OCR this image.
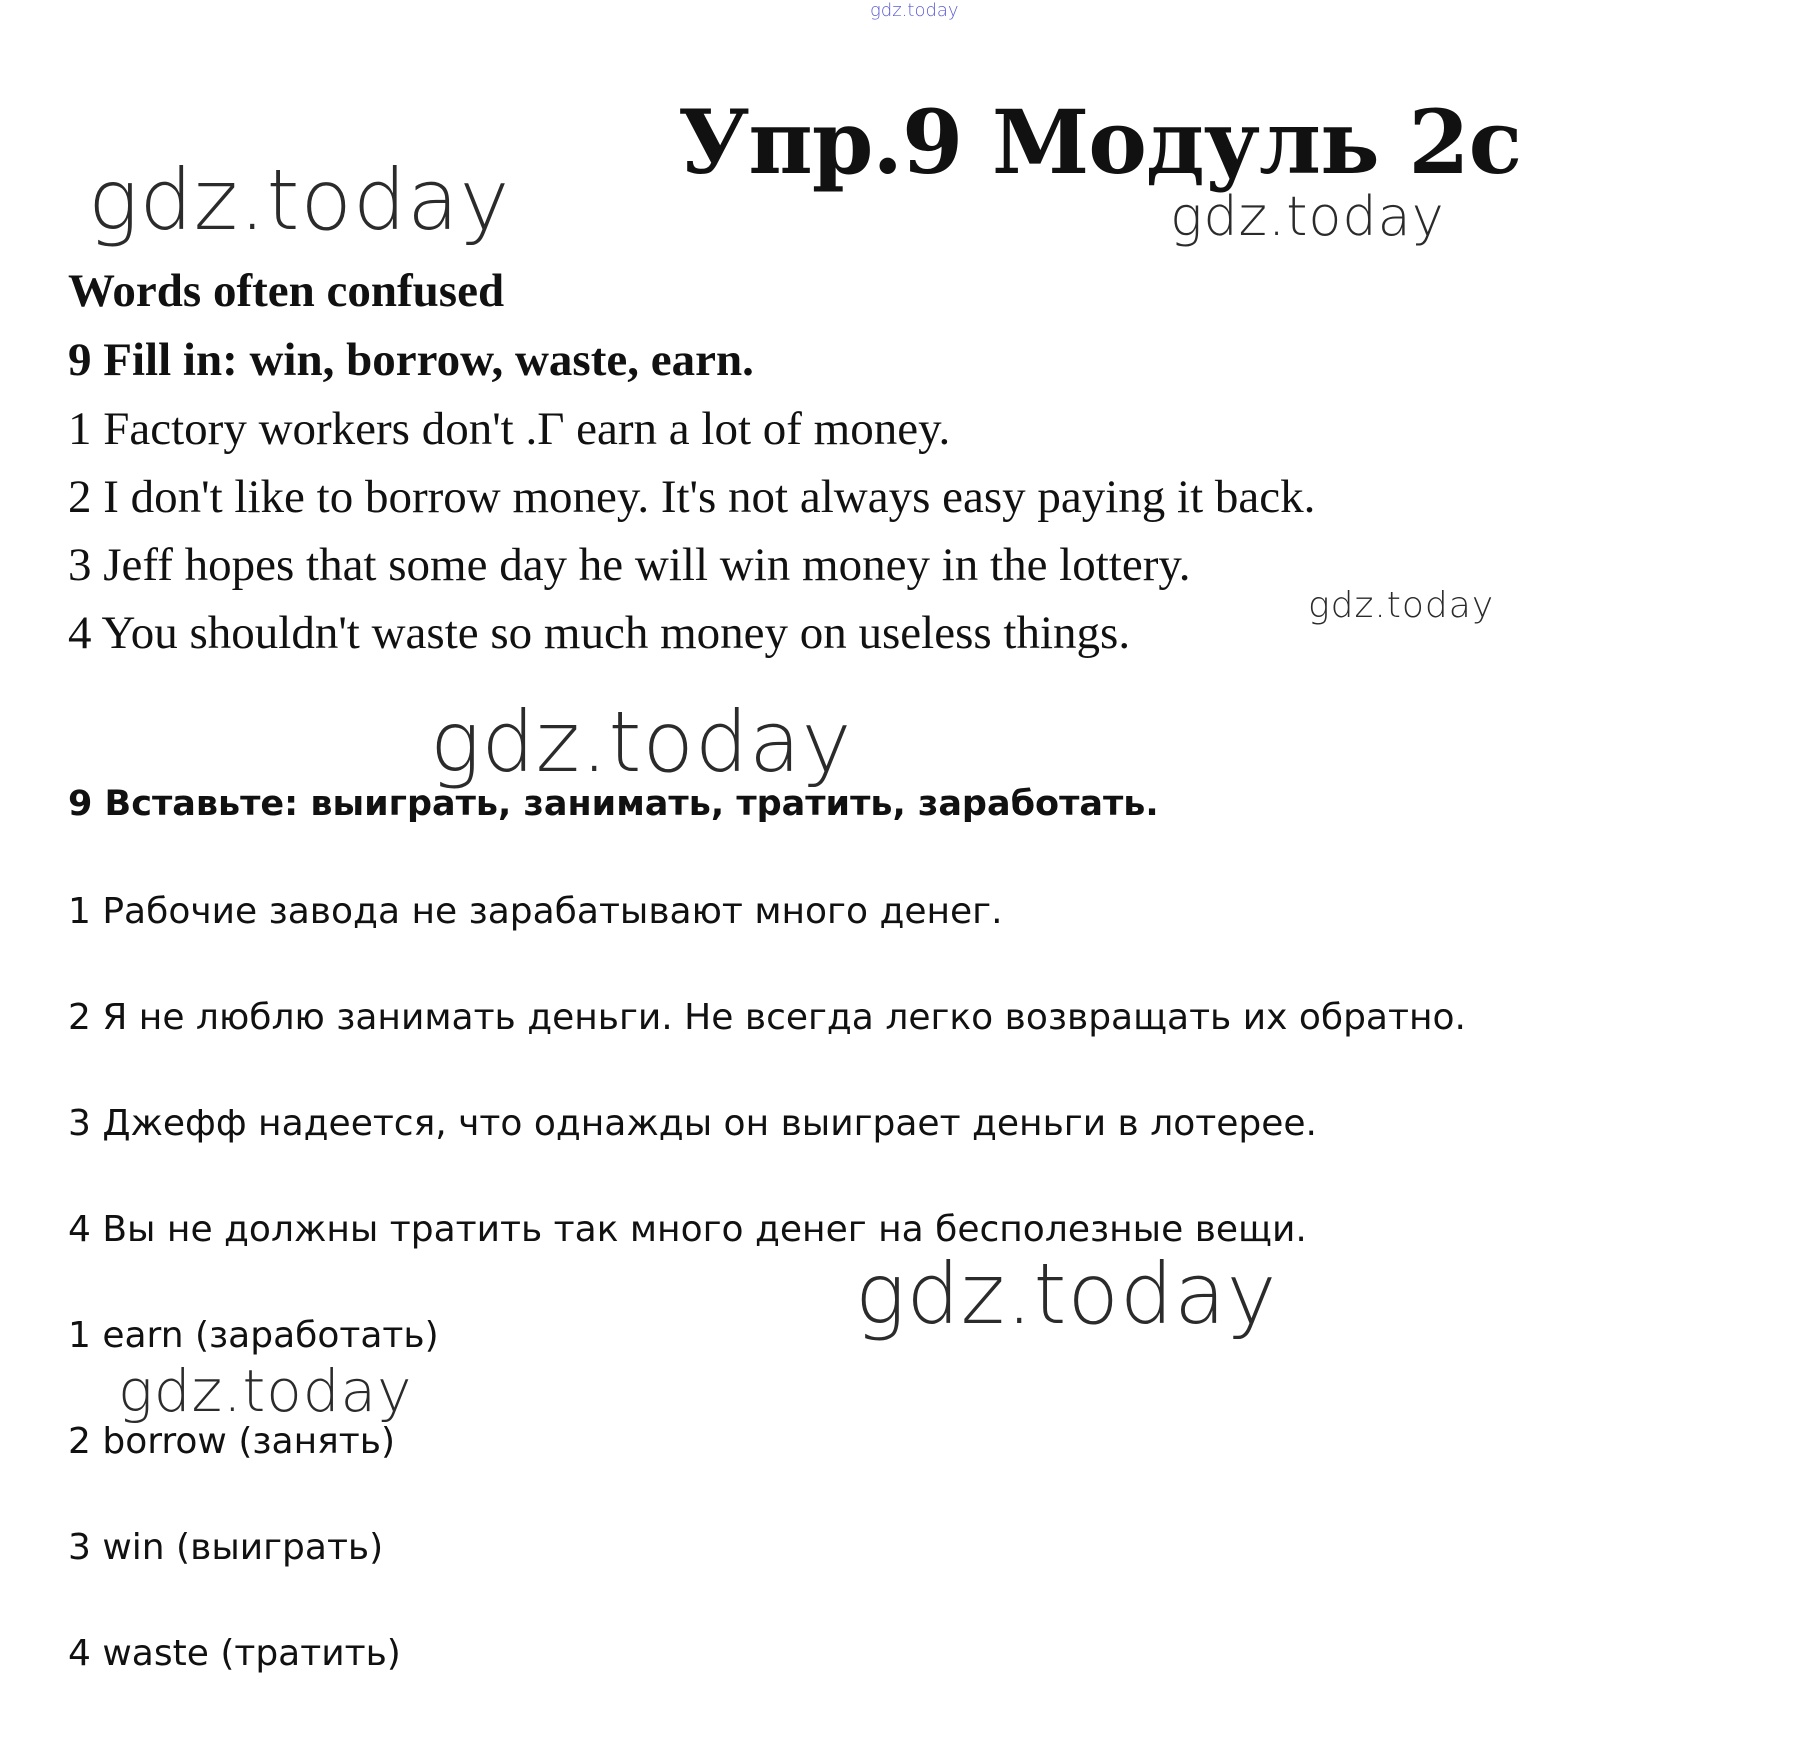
gdz.today
gdz.today	gdz.today
gdz.today
gdz.today
gdz.today
gdz.today
Упр.9 Модуль 2с
Words often confused
9 Fill in: win, borrow, waste, earn.
1 Factory workers don't .Г earn a lot of money.
2 I don't like to borrow money. It's not always easy paying it back.
3 Jeff hopes that some day he will win money in the lottery.
4 You shouldn't waste so much money on useless things.
9 Вставьте: выиграть, занимать, тратить, заработать.
1 Рабочие завода не зарабатывают много денег.
2 Я не люблю занимать деньги. Не всегда легко возвращать их обратно.
3 Джефф надеется, что однажды он выиграет деньги в лотерее.
4 Вы не должны тратить так много денег на бесполезные вещи.
1 earn (заработать)
2 borrow (занять)
3 win (выиграть)
4 waste (тратить)
